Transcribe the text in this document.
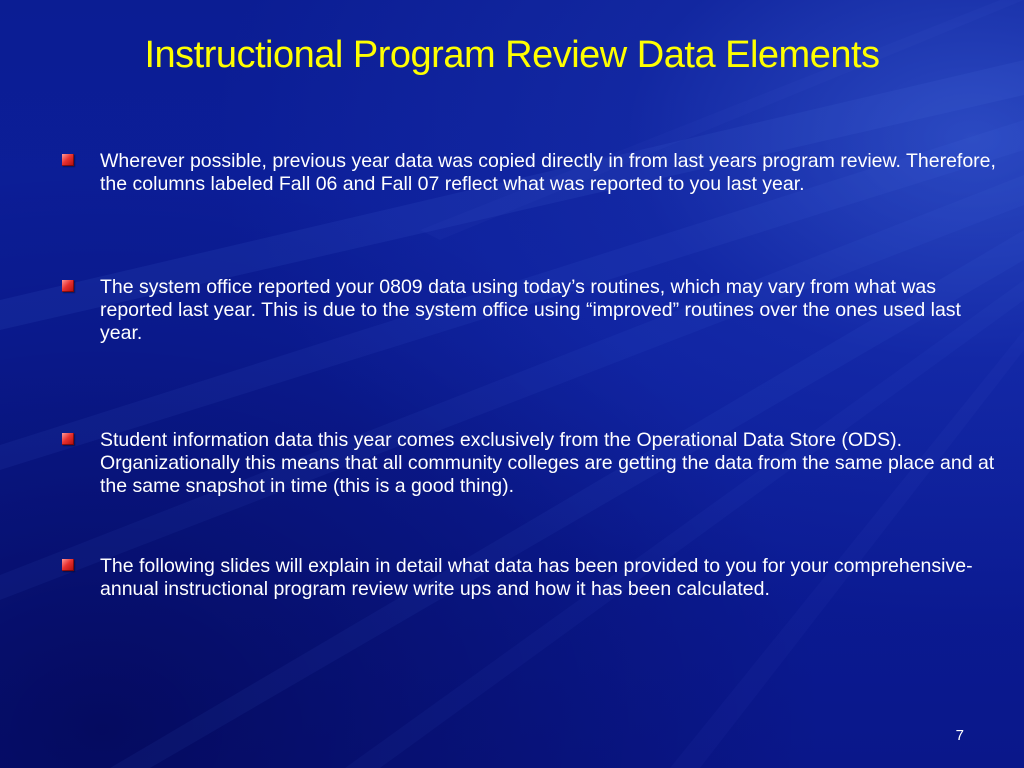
Instructional Program Review Data Elements
Wherever possible, previous year data was copied directly in from last years program review. Therefore, the columns labeled Fall 06 and Fall 07 reflect what was reported to you last year.
The system office reported your 0809 data using today’s routines, which may vary from what was reported last year. This is due to the system office using “improved” routines over the ones used last year.
Student information data this year comes exclusively from the Operational Data Store (ODS). Organizationally this means that all community colleges are getting the data from the same place and at the same snapshot in time (this is a good thing).
The following slides will explain in detail what data has been provided to you for your comprehensive-annual instructional program review write ups and how it has been calculated.
7
